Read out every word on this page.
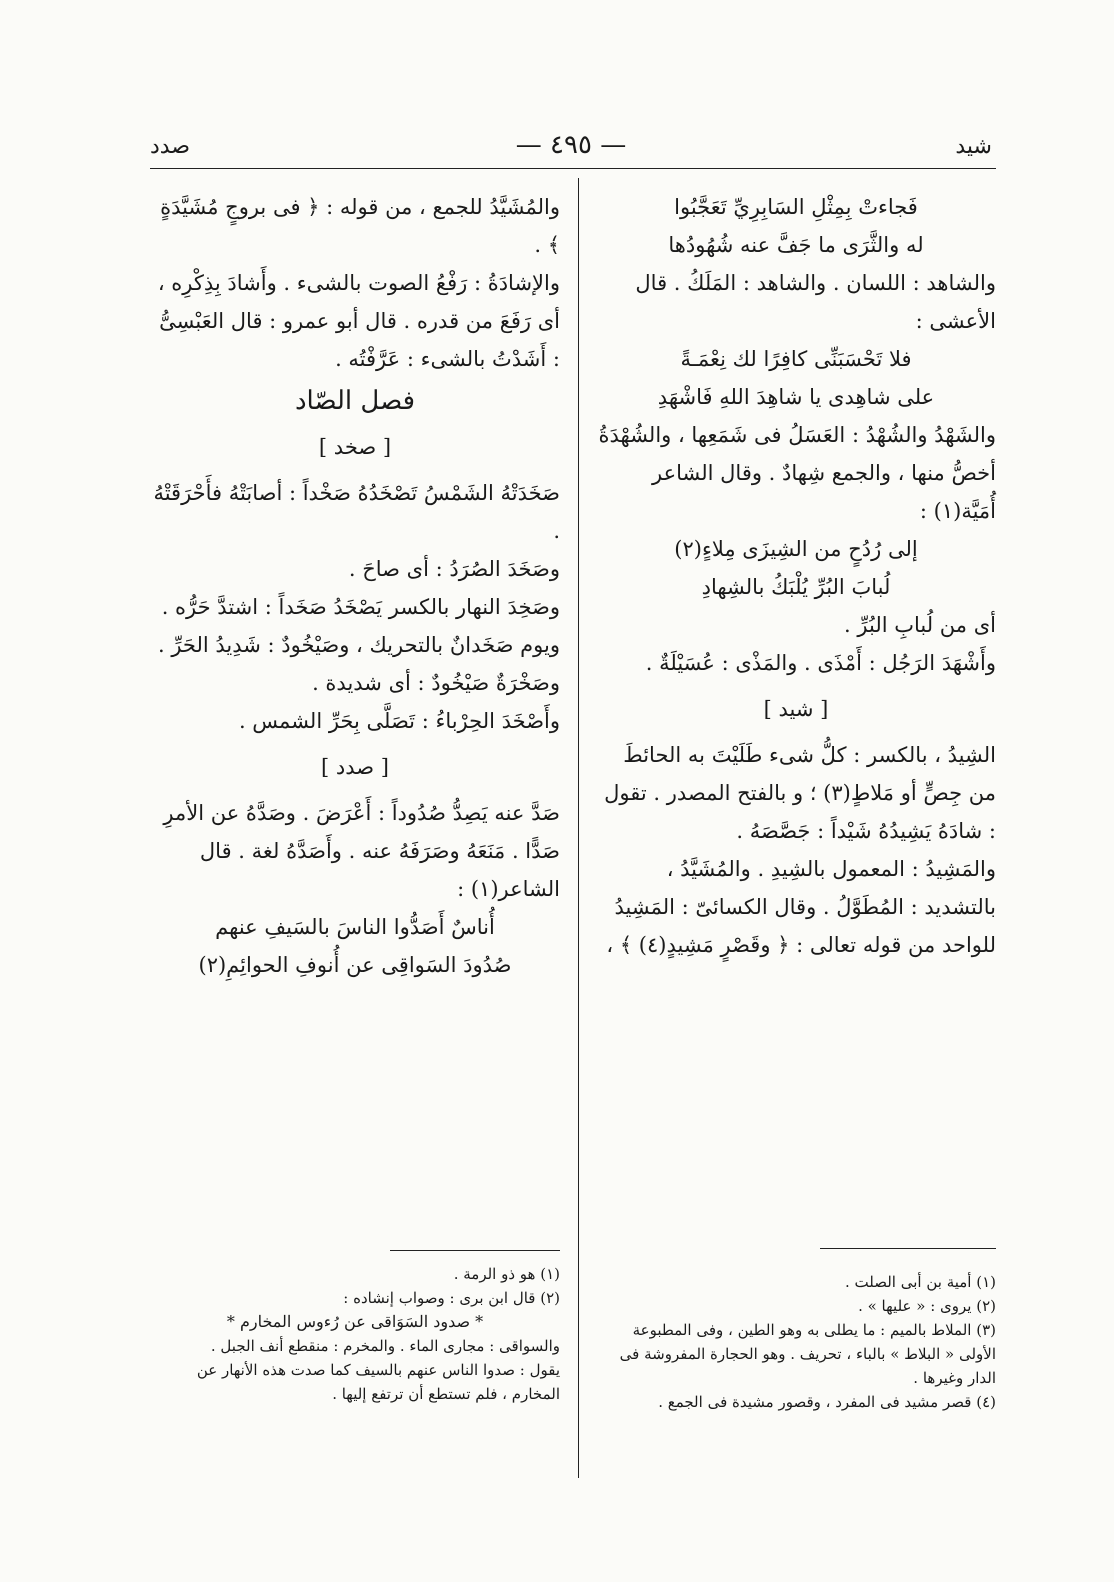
شيد
— ٤٩٥ —
صدد

فَجاءتْ بِمِثْلِ السَابِرِيِّ تَعَجَّبُوا

له والثَّرَى ما جَفَّ عنه شُهُودُها

والشاهد : اللسان . والشاهد : المَلَكُ . قال الأعشى :

فلا تَحْسَبَنِّى كافِرًا لك نِعْمَـةً

على شاهِدى يا شاهِدَ اللهِ فَاشْهَدِ

والشَهْدُ والشُهْدُ : العَسَلُ فى شَمَعِها ، والشُهْدَةُ أخصُّ منها ، والجمع شِهادٌ . وقال الشاعر أُمَيَّة(١) :

إلى رُدُحٍ من الشِيزَى مِلاءٍ(٢)

لُبابَ البُرِّ يُلْبَكُ بالشِهادِ

أى من لُبابِ البُرِّ .

وأَشْهَدَ الرَجُل : أَمْذَى . والمَذْى : عُسَيْلَةٌ .

[ شيد ]

الشِيدُ ، بالكسر : كلُّ شىء طَلَيْتَ به الحائطَ من جِصٍّ أو مَلاطٍ(٣) ؛ و بالفتح المصدر . تقول : شادَهُ يَشِيدُهُ شَيْداً : جَصَّصَهُ .

والمَشِيدُ : المعمول بالشِيدِ . والمُشَيَّدُ ، بالتشديد : المُطَوَّلُ . وقال الكسائىّ : المَشِيدُ للواحد من قوله تعالى : ﴿ وقَصْرٍ مَشِيدٍ(٤) ﴾ ،

والمُشَيَّدُ للجمع ، من قوله : ﴿ فى بروجٍ مُشَيَّدَةٍ ﴾ .

والإشادَةُ : رَفْعُ الصوت بالشىء . وأَشادَ بِذِكْرِه ، أى رَفَعَ من قدره . قال أبو عمرو : قال العَبْسِىُّ : أَشَدْتُ بالشىء : عَرَّفْتُه .

فصل الصّاد

[ صخد ]

صَخَدَتْهُ الشَمْسُ تَصْخَدُهُ صَخْداً : أصابَتْهُ فأَحْرَقَتْهُ .

وصَخَدَ الصُرَدُ : أى صاحَ .

وصَخِدَ النهار بالكسر يَصْخَدُ صَخَداً : اشتدَّ حَرُّه . ويوم صَخَدانٌ بالتحريك ، وصَيْخُودٌ : شَدِيدُ الحَرِّ . وصَخْرَةٌ صَيْخُودٌ : أى شديدة .

وأَصْخَدَ الحِرْباءُ : تَصَلَّى بِحَرِّ الشمس .

[ صدد ]

صَدَّ عنه يَصِدُّ صُدُوداً : أَعْرَضَ . وصَدَّهُ عن الأمرِ صَدًّا . مَنَعَهُ وصَرَفَهُ عنه . وأَصَدَّهُ لغة . قال الشاعر(١) :

أُناسٌ أَصَدُّوا الناسَ بالسَيفِ عنهم

صُدُودَ السَواقِى عن أُنوفِ الحوائِمِ(٢)

(١) أمية بن أبى الصلت .

(٢) يروى : « عليها » .

(٣) الملاط بالميم : ما يطلى به وهو الطين ، وفى المطبوعة الأولى « البلاط » بالباء ، تحريف . وهو الحجارة المفروشة فى الدار وغيرها .

(٤) قصر مشيد فى المفرد ، وقصور مشيدة فى الجمع .

(١) هو ذو الرمة .

(٢) قال ابن برى : وصواب إنشاده :

* صدود السَوَاقى عن رُءوس المخارم *

والسواقى : مجارى الماء . والمخرم : منقطع أنف الجبل .

يقول : صدوا الناس عنهم بالسيف كما صدت هذه الأنهار عن المخارم ، فلم تستطع أن ترتفع إليها .
